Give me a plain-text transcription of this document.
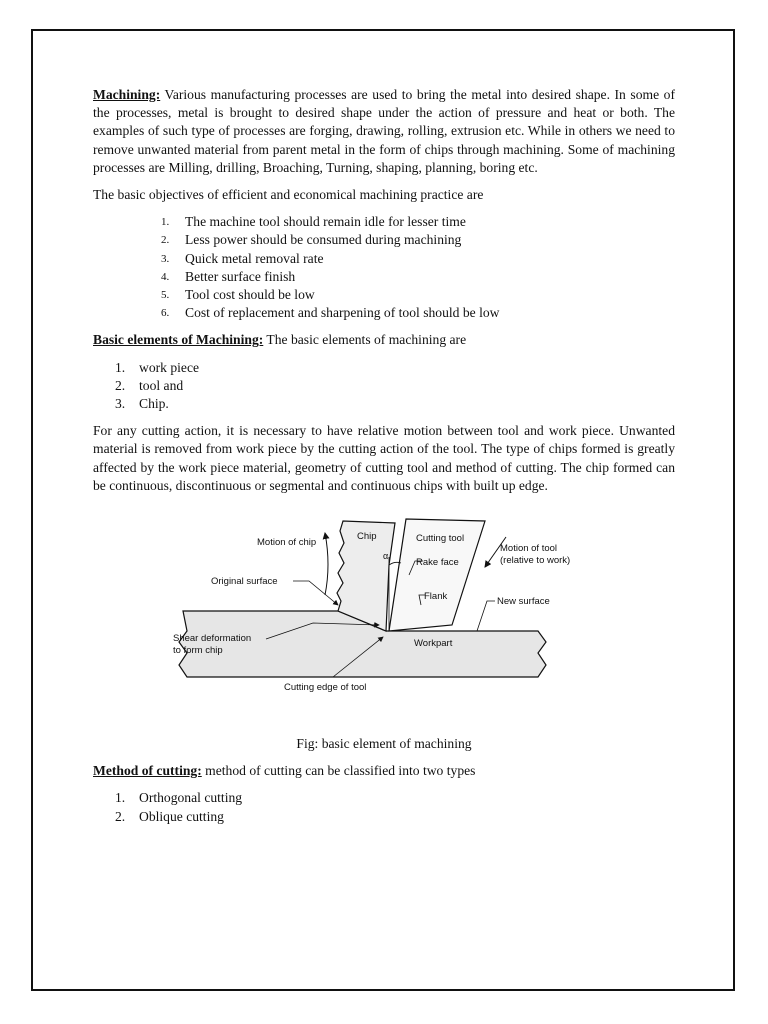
Machining: Various manufacturing processes are used to bring the metal into desired shape. In some of the processes, metal is brought to desired shape under the action of pressure and heat or both. The examples of such type of processes are forging, drawing, rolling, extrusion etc. While in others we need to remove unwanted material from parent metal in the form of chips through machining. Some of machining processes are Milling, drilling, Broaching, Turning, shaping, planning, boring etc.

The basic objectives of efficient and economical machining practice are

1. The machine tool should remain idle for lesser time
2. Less power should be consumed during machining
3. Quick metal removal rate
4. Better surface finish
5. Tool cost should be low
6. Cost of replacement and sharpening of tool should be low

Basic elements of Machining: The basic elements of machining are

1. work piece
2. tool and
3. Chip.

For any cutting action, it is necessary to have relative motion between tool and work piece. Unwanted material is removed from work piece by the cutting action of the tool. The type of chips formed is greatly affected by the work piece material, geometry of cutting tool and method of cutting. The chip formed can be continuous, discontinuous or segmental and continuous chips with built up edge.

Motion of chip
Chip
α
Cutting tool
Motion of tool
(relative to work)
Rake face
Original surface
Flank	New surface
Shear deformation
to form chip
Workpart
Cutting edge of tool

Fig: basic element of machining

Method of cutting: method of cutting can be classified into two types

1. Orthogonal cutting
2. Oblique cutting
